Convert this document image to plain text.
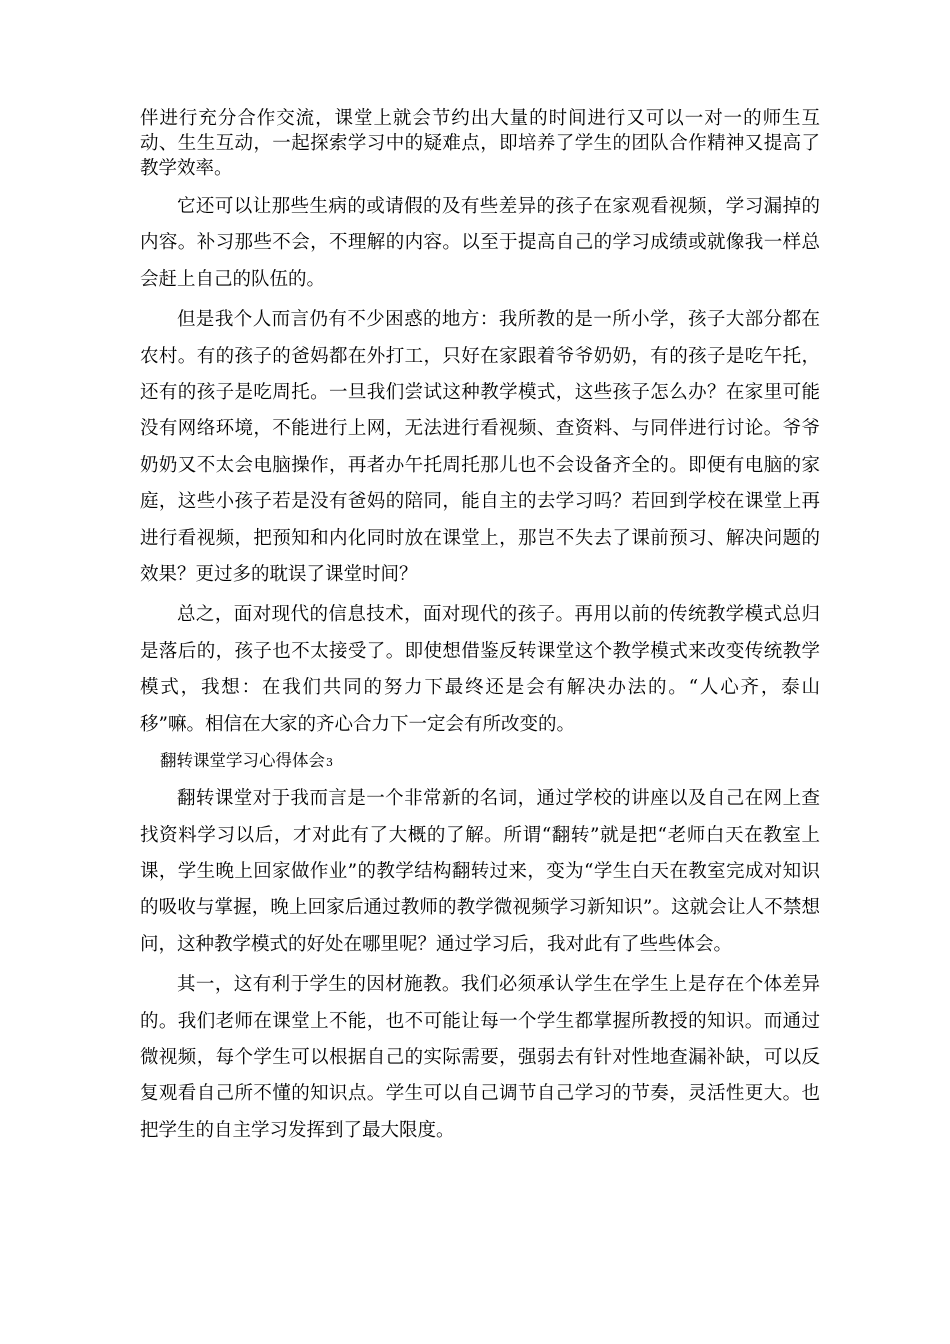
伴进行充分合作交流，课堂上就会节约出大量的时间进行又可以一对一的师生互动、生生互动，一起探索学习中的疑难点，即培养了学生的团队合作精神又提高了教学效率。

它还可以让那些生病的或请假的及有些差异的孩子在家观看视频，学习漏掉的内容。补习那些不会，不理解的内容。以至于提高自己的学习成绩或就像我一样总会赶上自己的队伍的。

但是我个人而言仍有不少困惑的地方：我所教的是一所小学，孩子大部分都在农村。有的孩子的爸妈都在外打工，只好在家跟着爷爷奶奶，有的孩子是吃午托，还有的孩子是吃周托。一旦我们尝试这种教学模式，这些孩子怎么办？在家里可能没有网络环境，不能进行上网，无法进行看视频、查资料、与同伴进行讨论。爷爷奶奶又不太会电脑操作，再者办午托周托那儿也不会设备齐全的。即便有电脑的家庭，这些小孩子若是没有爸妈的陪同，能自主的去学习吗？若回到学校在课堂上再进行看视频，把预知和内化同时放在课堂上，那岂不失去了课前预习、解决问题的效果？更过多的耽误了课堂时间？

总之，面对现代的信息技术，面对现代的孩子。再用以前的传统教学模式总归是落后的，孩子也不太接受了。即使想借鉴反转课堂这个教学模式来改变传统教学模式，我想：在我们共同的努力下最终还是会有解决办法的。“人心齐，泰山移”嘛。相信在大家的齐心合力下一定会有所改变的。

翻转课堂学习心得体会3

翻转课堂对于我而言是一个非常新的名词，通过学校的讲座以及自己在网上查找资料学习以后，才对此有了大概的了解。所谓“翻转”就是把“老师白天在教室上课，学生晚上回家做作业”的教学结构翻转过来，变为“学生白天在教室完成对知识的吸收与掌握，晚上回家后通过教师的教学微视频学习新知识”。这就会让人不禁想问，这种教学模式的好处在哪里呢？通过学习后，我对此有了些些体会。

其一，这有利于学生的因材施教。我们必须承认学生在学生上是存在个体差异的。我们老师在课堂上不能，也不可能让每一个学生都掌握所教授的知识。而通过微视频，每个学生可以根据自己的实际需要，强弱去有针对性地查漏补缺，可以反复观看自己所不懂的知识点。学生可以自己调节自己学习的节奏，灵活性更大。也把学生的自主学习发挥到了最大限度。
